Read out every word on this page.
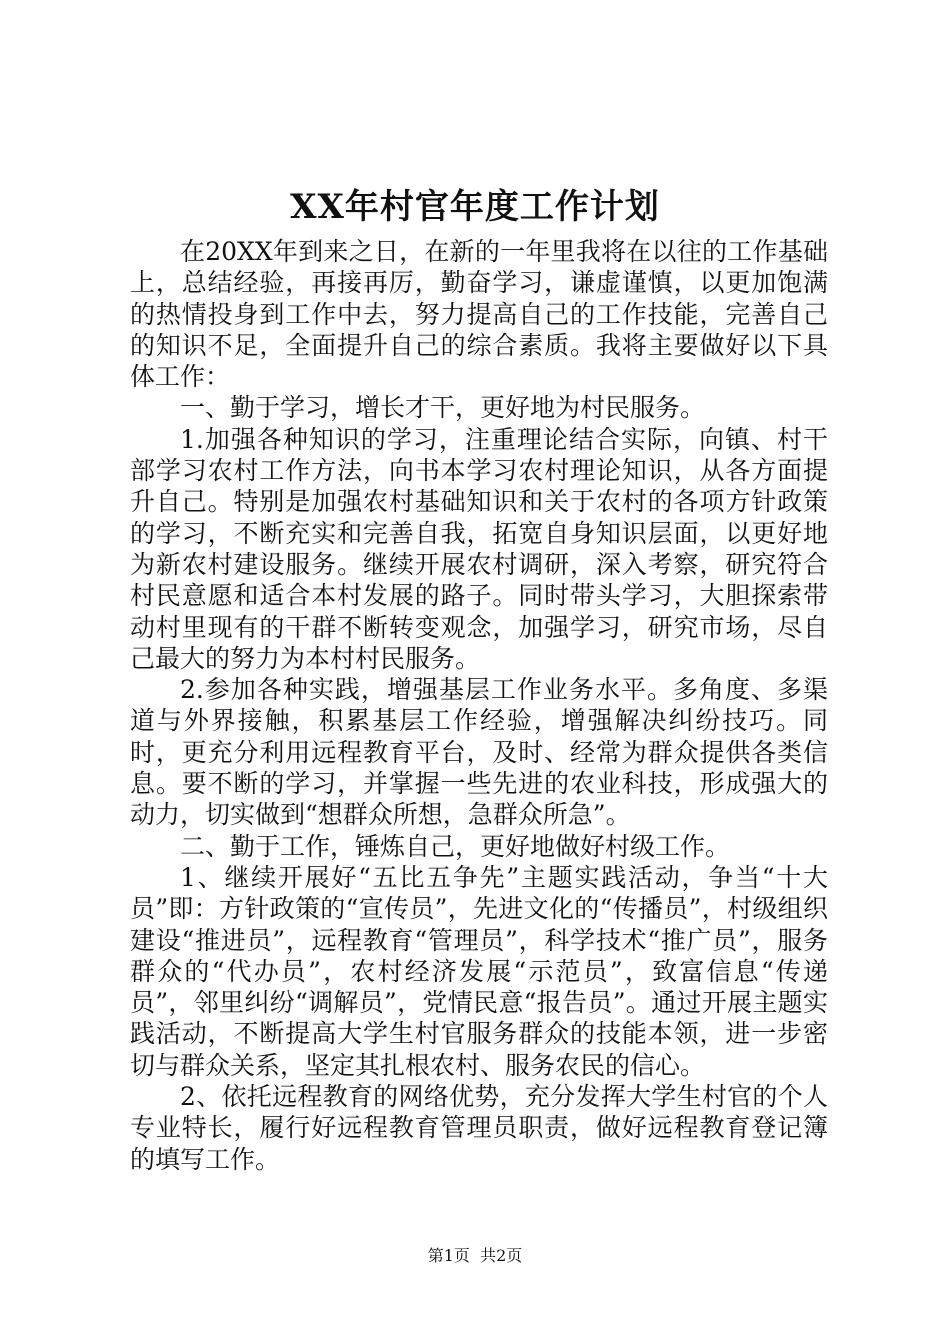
XX年村官年度工作计划

在20XX年到来之日，在新的一年里我将在以往的工作基础上，总结经验，再接再厉，勤奋学习，谦虚谨慎，以更加饱满的热情投身到工作中去，努力提高自己的工作技能，完善自己的知识不足，全面提升自己的综合素质。我将主要做好以下具体工作：

一、勤于学习，增长才干，更好地为村民服务。

1.加强各种知识的学习，注重理论结合实际，向镇、村干部学习农村工作方法，向书本学习农村理论知识，从各方面提升自己。特别是加强农村基础知识和关于农村的各项方针政策的学习，不断充实和完善自我，拓宽自身知识层面，以更好地为新农村建设服务。继续开展农村调研，深入考察，研究符合村民意愿和适合本村发展的路子。同时带头学习，大胆探索带动村里现有的干群不断转变观念，加强学习，研究市场，尽自己最大的努力为本村村民服务。

2.参加各种实践，增强基层工作业务水平。多角度、多渠道与外界接触，积累基层工作经验，增强解决纠纷技巧。同时，更充分利用远程教育平台，及时、经常为群众提供各类信息。要不断的学习，并掌握一些先进的农业科技，形成强大的动力，切实做到“想群众所想，急群众所急”。

二、勤于工作，锤炼自己，更好地做好村级工作。

1、继续开展好“五比五争先”主题实践活动，争当“十大员”即：方针政策的“宣传员”，先进文化的“传播员”，村级组织建设“推进员”，远程教育“管理员”，科学技术“推广员”，服务群众的“代办员”，农村经济发展“示范员”，致富信息“传递员”，邻里纠纷“调解员”，党情民意“报告员”。通过开展主题实践活动，不断提高大学生村官服务群众的技能本领，进一步密切与群众关系，坚定其扎根农村、服务农民的信心。

2、依托远程教育的网络优势，充分发挥大学生村官的个人专业特长，履行好远程教育管理员职责，做好远程教育登记簿的填写工作。

第1页 共2页
